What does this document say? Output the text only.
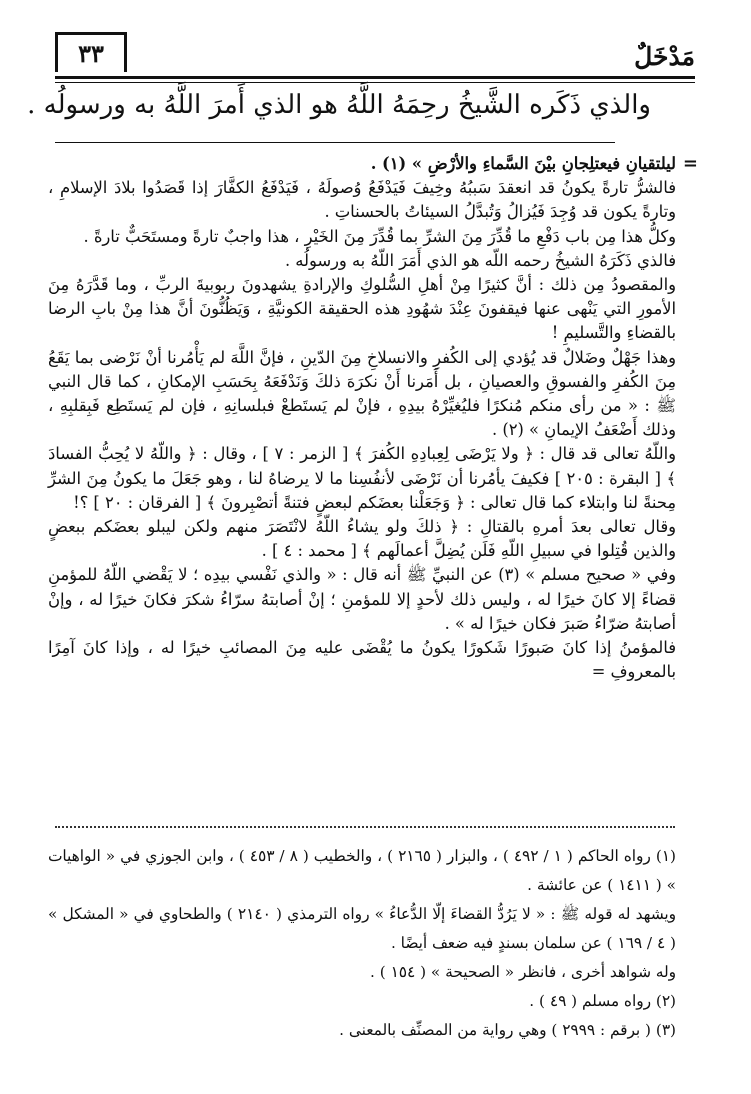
مَدْخَلٌ
٣٣
والذي ذَكَره الشَّيخُ رحِمَهُ اللَّهُ هو الذي أَمرَ اللَّهُ به ورسولُه .
=

ليلتقيانِ فيعتلِجانِ بيْنَ السَّماءِ والأرْضِ » (١) .

فالشرُّ تارةً يكونُ قد انعقدَ سَببُهُ وخِيفَ فَيَدْفَعُ وُصولَهُ ، فَيَدْفَعُ الكفَّارَ إذا قَصَدُوا بلادَ الإسلامِ ، وتارةً يكون قد وُجِدَ فَيُزالُ وَتُبدَّلُ السيئاتُ بالحسناتِ .

وكلُّ هذا مِن باب دَفْعِ ما قُدِّرَ مِنَ الشرِّ بما قُدِّرَ مِنَ الخَيْرِ ، هذا واجبٌ تارةً ومستَحَبٌّ تارةً .

فالذي ذَكَرَهُ الشيخُ رحمه اللّه هو الذي أَمَرَ اللّهُ به ورسولُه .

والمقصودُ مِن ذلك : أنَّ كثيرًا مِنْ أهلِ السُّلوكِ والإرادةِ يشهدونَ ربوبيةَ الربِّ ، وما قَدَّرَهُ مِنَ الأمورِ التي يَنْهى عنها فيقفونَ عِنْدَ شهُودِ هذه الحقيقة الكونيَّةِ ، وَيَظُنُّونَ أنَّ هذا مِنْ بابِ الرضا بالقضاءِ والتَّسليمِ !

وهذا جَهْلٌ وضَلالٌ قد يُؤدي إلى الكُفرِ والانسلاخِ مِنَ الدّينِ ، فإنَّ اللَّهَ لم يَأْمُرنا أنْ نَرْضى بما يَقَعُ مِنَ الكُفرِ والفسوقِ والعصيانِ ، بل أَمَرنا أَنْ نكرَهَ ذلكَ وَنَدْفَعَهُ بِحَسَبِ الإمكانِ ، كما قال النبي ﷺ : « من رأى منكم مُنكرًا فليُغيِّرْهُ بيدِهِ ، فإنْ لم يَستَطعْ فبلسانِهِ ، فإن لم يَستَطِع فَبِقلبِهِ ، وذلك أَضْعَفُ الإيمانِ » (٢) .

واللّهُ تعالى قد قال : ﴿ ولا يَرْضَى لِعِبادِهِ الكُفرَ ﴾ [ الزمر : ٧ ] ، وقال : ﴿ واللّهُ لا يُحِبُّ الفسادَ ﴾ [ البقرة : ٢٠٥ ] فكيفَ يأمُرنا أن نَرْضَى لأنفُسِنا ما لا يرضاهُ لنا ، وهو جَعَلَ ما يكونُ مِنَ الشرِّ مِحنةً لنا وابتلاء كما قال تعالى : ﴿ وَجَعَلْنا بعضَكم لبعضٍ فتنةً أتصْبِرونَ ﴾ [ الفرقان : ٢٠ ] ؟!

وقال تعالى بعدَ أمرهِ بالقتالِ : ﴿ ذلكَ ولو يشاءُ اللّهُ لانْتَصَرَ منهم ولكن ليبلو بعضَكم ببعضٍ والذين قُتِلوا في سبيلِ اللّهِ فَلَن يُضِلَّ أعمالَهم ﴾ [ محمد : ٤ ] .

وفي « صحيح مسلم » (٣) عن النبيِّ ﷺ أنه قال : « والذي نَفْسي بيدِه ؛ لا يَقْضي اللّهُ للمؤمنِ قضاءً إلا كانَ خيرًا له ، وليس ذلك لأحدٍ إلا للمؤمنِ ؛ إنْ أصابتهُ سرّاءُ شكرَ فكانَ خيرًا له ، وإنْ أصابتهُ ضرّاءُ صَبرَ فكان خيرًا له » .

فالمؤمنُ إذا كانَ صَبورًا شَكورًا يكونُ ما يُقْضَى عليه مِنَ المصائبِ خيرًا له ، وإذا كانَ آمِرًا بالمعروفِ =

(١) رواه الحاكم ( ١ / ٤٩٢ ) ، والبزار ( ٢١٦٥ ) ، والخطيب ( ٨ / ٤٥٣ ) ، وابن الجوزي في « الواهيات » ( ١٤١١ ) عن عائشة .

ويشهد له قوله ﷺ : « لا يَرُدُّ القضاءَ إلّا الدُّعاءُ » رواه الترمذي ( ٢١٤٠ ) والطحاوي في « المشكل » ( ٤ / ١٦٩ ) عن سلمان بسندٍ فيه ضعف أيضًا .

وله شواهد أخرى ، فانظر « الصحيحة » ( ١٥٤ ) .

(٢) رواه مسلم ( ٤٩ ) .

(٣) ( برقم : ٢٩٩٩ ) وهي رواية من المصنِّف بالمعنى .
